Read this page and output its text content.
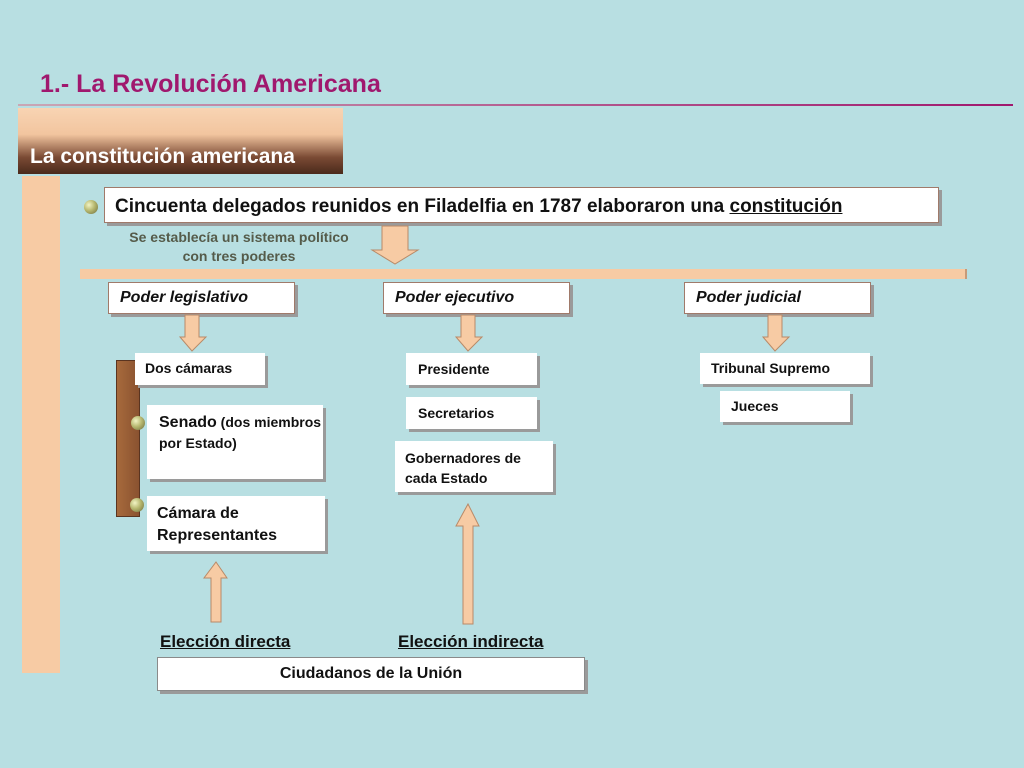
1.- La Revolución Americana
La constitución americana
Cincuenta delegados reunidos en Filadelfia en 1787 elaboraron una constitución
Se establecía un sistema político con tres poderes
Poder legislativo	Poder ejecutivo	Poder judicial
Dos cámaras
Senado (dos miembros por Estado)
Cámara de Representantes
Presidente
Secretarios
Gobernadores de cada Estado
Tribunal Supremo
Jueces
Elección directa	Elección indirecta
Ciudadanos de la Unión
